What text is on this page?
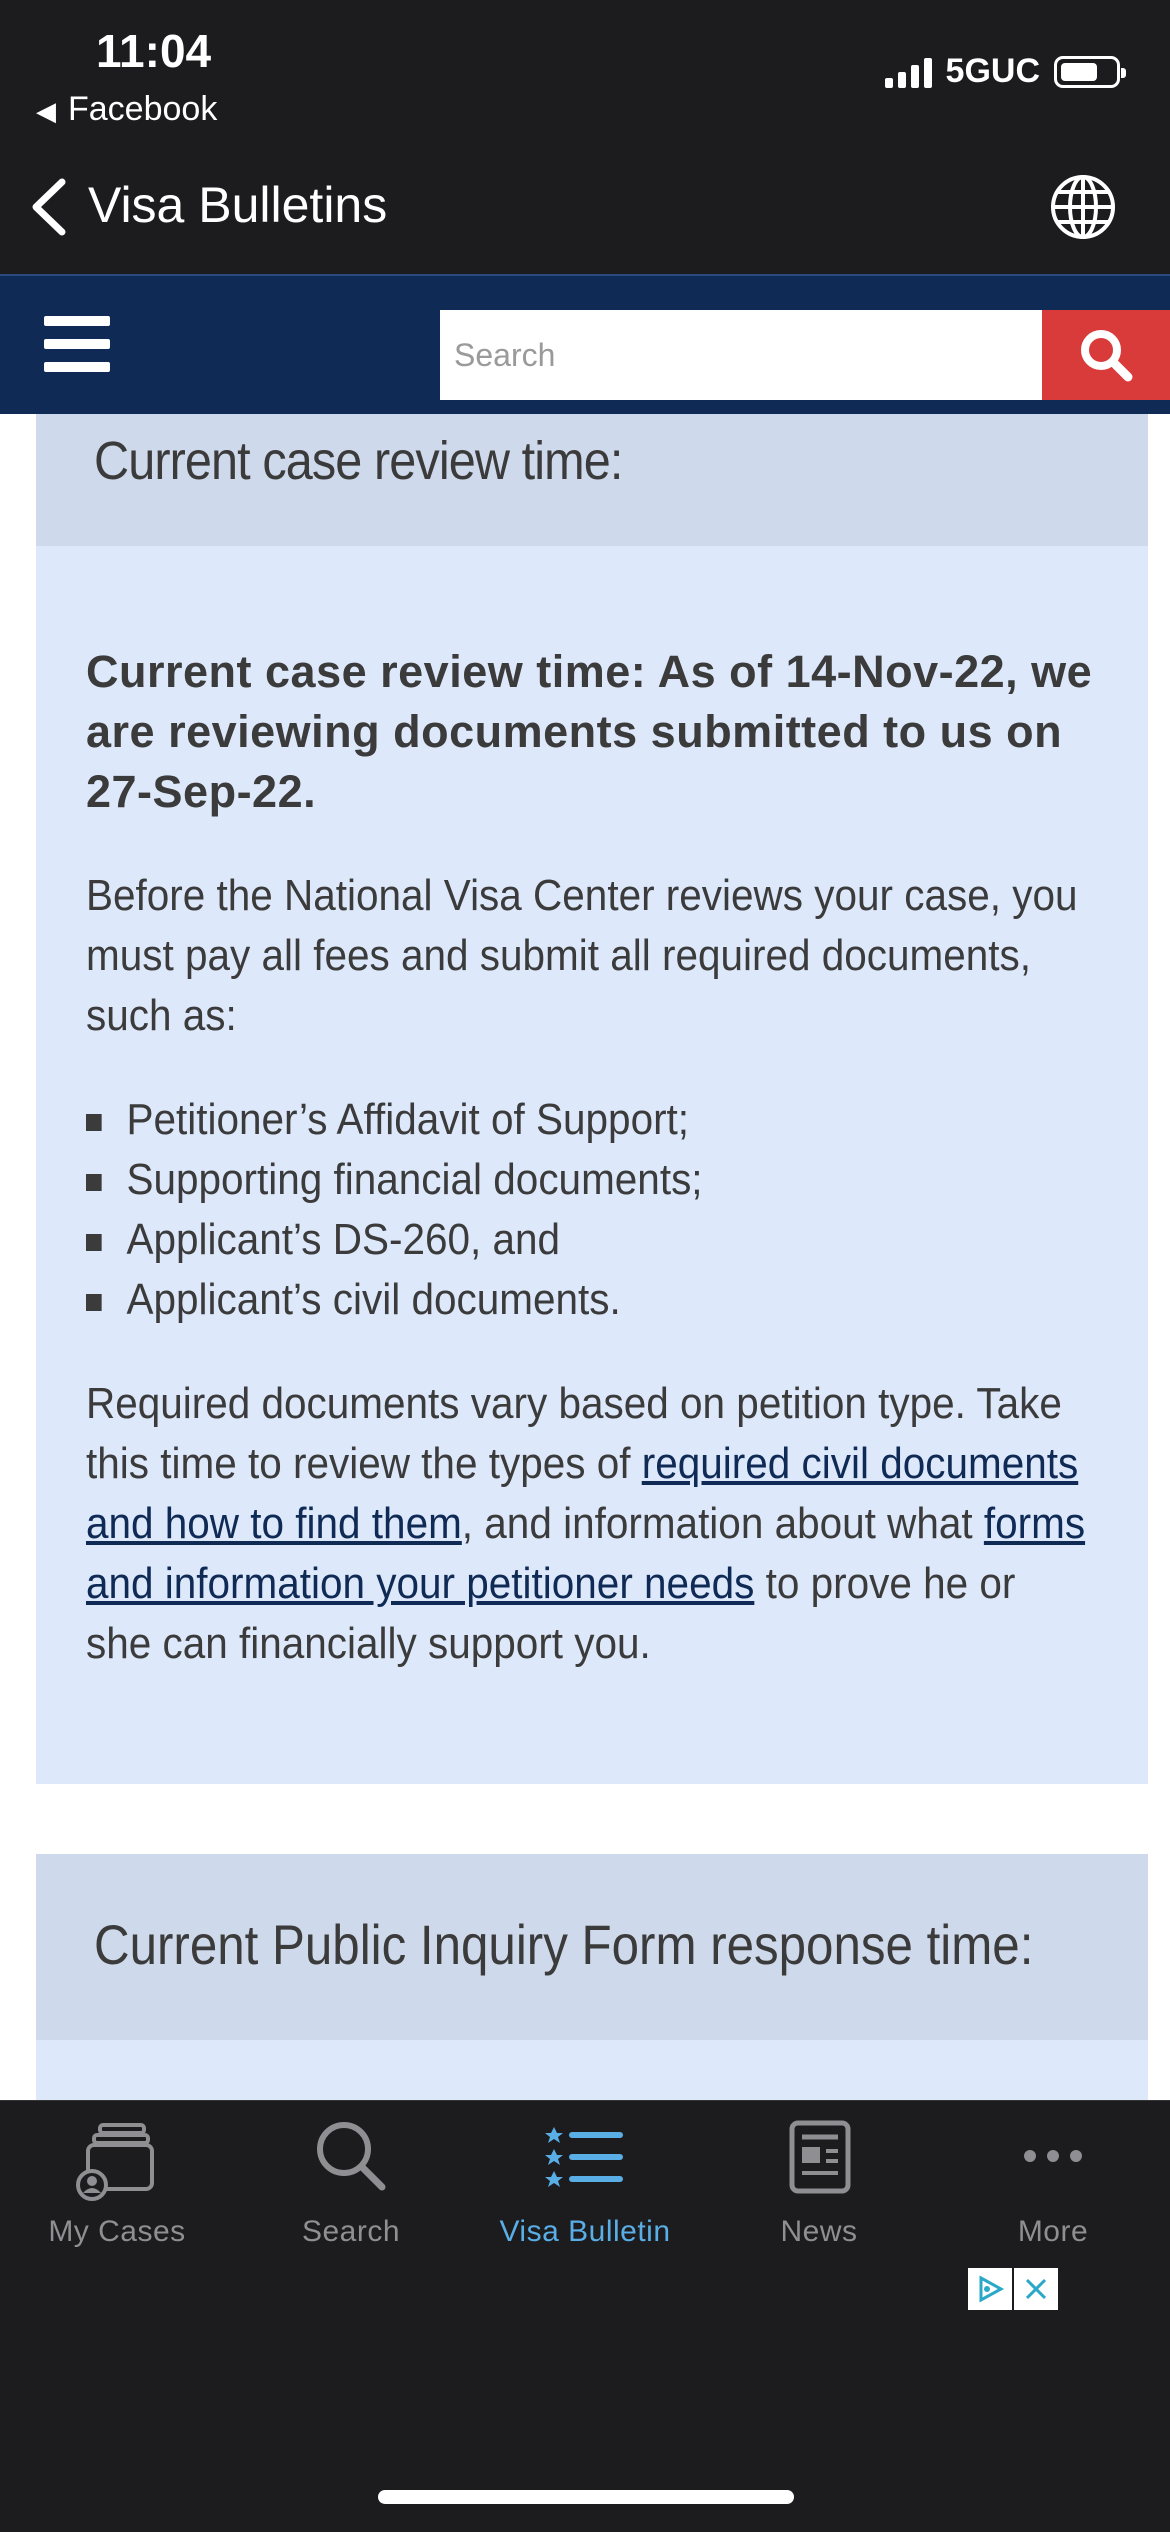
11:04
◀ Facebook
5GUC
Visa Bulletins
Search
Current case review time:

Current case review time: As of 14-Nov-22, we are reviewing documents submitted to us on 27-Sep-22.

Before the National Visa Center reviews your case, you must pay all fees and submit all required documents, such as:

Petitioner’s Affidavit of Support;
Supporting financial documents;
Applicant’s DS-260, and
Applicant’s civil documents.

Required documents vary based on petition type. Take this time to review the types of required civil documents and how to find them, and information about what forms and information your petitioner needs to prove he or she can financially support you.

Current Public Inquiry Form response time:
My Cases	Search	Visa Bulletin	News	More
